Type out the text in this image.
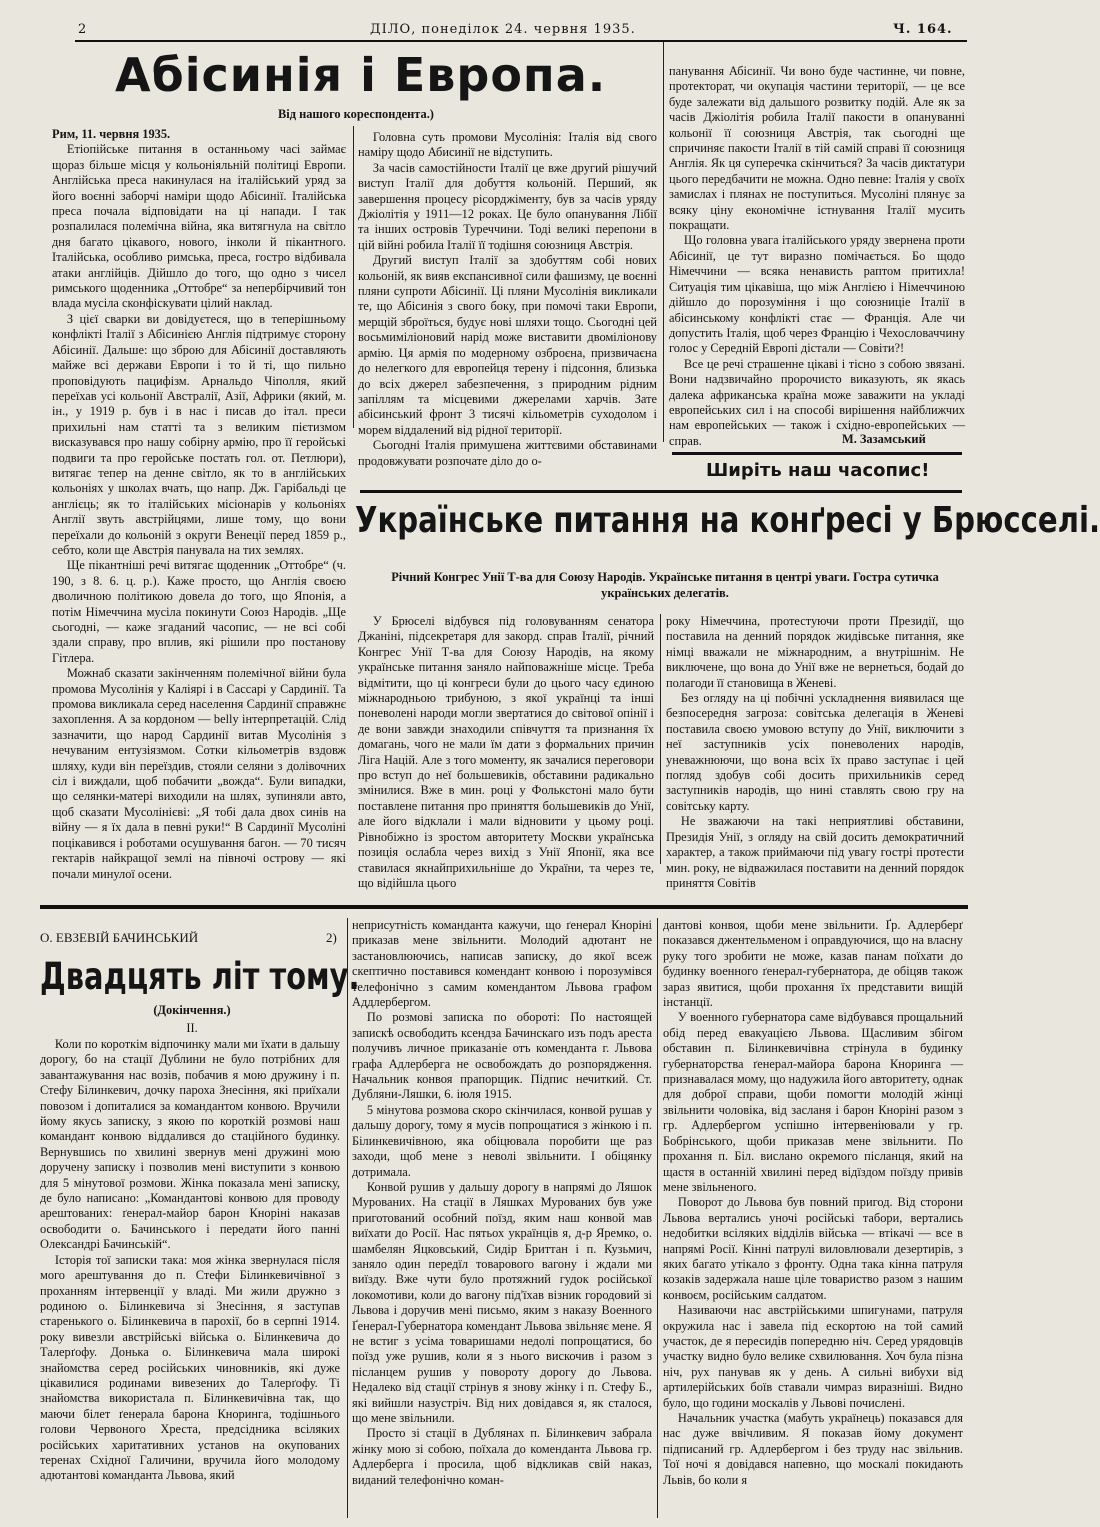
2	ДІЛО, понеділок 24. червня 1935.	Ч. 164.
Абісинія і Европа.
Від нашого кореспондента.)

Рим, 11. червня 1935.

Етіопійське питання в останньому часі займає щораз більше місця у кольоніяльній політиці Европи. Англійська преса накинулася на італійський уряд за його воєнні заборчі наміри щодо Абісинії. Італійська преса почала відповідати на ці напади. І так розпалилася полемічна війна, яка витягнула на світло дня багато цікавого, нового, інколи й пікантного. Італійська, особливо римська, преса, гостро відбивала атаки англійців. Дійшло до того, що одно з чисел римського щоденника „Оттобре“ за непербірчивий тон влада мусіла сконфіскувати цілий наклад.

З цієї сварки ви довідуєтеся, що в теперішньому конфлікті Італії з Абісинією Англія підтримує сторону Абісинії. Дальше: що зброю для Абісинії доставляють майже всі держави Европи і то й ті, що пильно проповідують пацифізм. Арнальдо Чіполля, який переїхав усі кольонії Австралії, Азії, Африки (який, м. ін., у 1919 р. був і в нас і писав до італ. преси прихильні нам статті та з великим пієтизмом висказувався про нашу собірну армію, про її геройські подвиги та про геройське постать гол. от. Петлюри), витягає тепер на денне світло, як то в англійських кольоніях у школах вчать, що напр. Дж. Гарібальді це англієць; як то італійських місіонарів у кольоніях Англії звуть австрійцями, лише тому, що вони переїхали до кольоній з округи Венеції перед 1859 р., себто, коли ще Австрія панувала на тих землях.

Ще пікантніші речі витягає щоденник „Оттобре“ (ч. 190, з 8. 6. ц. р.). Каже просто, що Англія своєю дволичною політикою довела до того, що Японія, а потім Німеччина мусіла покинути Союз Народів. „Ще сьогодні, — каже згаданий часопис, — не всі собі здали справу, про вплив, які рішили про постанову Гітлера.

Можнаб сказати закінченням полемічної війни була промова Мусолінія у Каліярі і в Сассарі у Сардинії. Та промова викликала серед населення Сардинії справжнє захоплення. А за кордоном — belly інтерпретацій. Слід зазначити, що народ Сардинії витав Мусолінія з нечуваним ентузіязмом. Сотки кільометрів вздовж шляху, куди він переїздив, стояли селяни з долівочних сіл і виждали, щоб побачити „вожда“. Були випадки, що селянки-матері виходили на шлях, зупиняли авто, щоб сказати Мусолінієві: „Я тобі дала двох синів на війну — я їх дала в певні руки!“ В Сардинії Мусоліні поцікавився і роботами осушування багон. — 70 тисяч гектарів найкращої землі на півночі острову — які почали минулої осени.

Головна суть промови Мусолінія: Італія від свого наміру щодо Абисинії не відступить.

За часів самостійности Італії це вже другий рішучий виступ Італії для добуття кольоній. Перший, як завершення процесу рісорджіменту, був за часів уряду Джіолітія у 1911—12 роках. Це було опанування Лібії та інших островів Туреччини. Тоді великі перепони в цій війні робила Італії її тодішня союзниця Австрія.

Другий виступ Італії за здобуттям собі нових кольоній, як вияв експансивної сили фашизму, це воєнні пляни супроти Абісинії. Ці пляни Мусолінія викликали те, що Абісинія з свого боку, при помочі таки Европи, мерщій зброїться, будує нові шляхи тощо. Сьогодні цей восьмиміліоновий нарід може виставити двоміліонову армію. Ця армія по модерному озброєна, призвичаєна до нелегкого для европейця терену і підсоння, близька до всіх джерел забезпечення, з природним рідним запіллям та місцевими джерелами харчів. Зате абісинський фронт 3 тисячі кільометрів суходолом і морем віддалений від рідної території.

Сьогодні Італія примушена життєвими обставинами продовжувати розпочате діло до о-

панування Абісинії. Чи воно буде частинне, чи повне, протекторат, чи окупація частини території, — це все буде залежати від дальшого розвитку подій. Але як за часів Джіолітія робила Італії пакости в опануванні кольонії її союзниця Австрія, так сьогодні ще спричиняє пакости Італії в тій самій справі її союзниця Англія. Як ця суперечка скінчиться? За часів диктатури цього передбачити не можна. Одно певне: Італія у своїх замислах і плянах не поступиться. Мусоліні плянує за всяку ціну економічне істнування Італії мусить покращати.

Що головна увага італійського уряду звернена проти Абісинії, це тут виразно помічається. Бо щодо Німеччини — всяка ненависть раптом притихла! Ситуація тим цікавіша, що між Англією і Німеччиною дійшло до порозуміння і що союзниціе Італії в абісинському конфлікті стає — Франція. Але чи допустить Італія, щоб через Францію і Чехословаччину голос у Середній Европі дістали — Совіти?!

Все це речі страшенне цікаві і тісно з собою звязані. Вони надзвичайно пророчисто виказують, як якась далека африканська країна може заважити на укладі европейських сил і на способі вирішення найближчих нам европейських — також і східно-европейських — справ.	М. Зазамський
Ширіть наш часопис!
Українське питання на конґресі у Брюсселі.
Річний Конгрес Унії Т-ва для Союзу Народів. Українське питання в центрі уваги. Гостра сутичка українських делегатів.

У Брюселі відбувся під головуванням сенатора Джаніні, підсекретаря для закорд. справ Італії, річний Конгрес Унії Т-ва для Союзу Народів, на якому українське питання заняло найповажніше місце. Треба відмітити, що ці конгреси були до цього часу єдиною міжнародньою трибуною, з якої українці та інші поневолені народи могли звертатися до світової опінії і де вони завжди знаходили співчуття та признання їх домагань, чого не мали їм дати з формальних причин Ліга Націй. Але з того моменту, як зачалися переговори про вступ до неї большевиків, обставини радикально змінилися. Вже в мин. році у Фолькстоні мало бути поставлене питання про приняття большевиків до Унії, але його відклали і мали відновити у цьому році. Рівнобіжно із зростом авторитету Москви українська позиція ослабла через вихід з Унії Японії, яка все ставилася якнайприхильніше до України, та через те, що відійшла цього

року Німеччина, протестуючи проти Президії, що поставила на денний порядок жидівське питання, яке німці вважали не міжнародним, а внутрішнім. Не виключене, що вона до Унії вже не вернеться, бодай до полагоди її становища в Женеві.

Без огляду на ці побічні ускладнення виявилася ще безпосередня загроза: совітська делегація в Женеві поставила своєю умовою вступу до Унії, виключити з неї заступників усіх поневолених народів, уневажнюючи, що вона всіх їх право заступає і цей погляд здобув собі досить прихильників серед заступників народів, що нині ставлять свою гру на совітську карту.

Не зважаючи на такі неприятливі обставини, Президія Унії, з огляду на свій досить демократичний характер, а також приймаючи під увагу гострі протести мин. року, не відважилася поставити на денний порядок приняття Совітів

О. ЕВЗЕВІЙ БАЧИНСЬКИЙ	2)
Двадцять літ тому.
(Докінчення.)
II.

Коли по короткім відпочинку мали ми їхати в дальшу дорогу, бо на стації Дублини не було потрібних для завантажування нас возів, побачив я мою дружину і п. Стефу Білинкевич, дочку пароха Знесіння, які приїхали повозом і допиталися за командантом конвою. Вручили йому якусь записку, з якою по короткій розмові наш командант конвою віддалився до стаційного будинку. Вернувшись по хвилині звернув мені дружині мою доручену записку і позволив мені виступити з конвою для 5 мінутової розмови. Жінка показала мені записку, де було написано: „Командантові конвою для проводу арештованих: ґенерал-майор барон Кноріні наказав освободити о. Бачинського і передати його панні Олександрі Бачинській“.

Історія тої записки така: моя жінка звернулася після мого арештування до п. Стефи Білинкевичівної з проханням інтервенції у владі. Ми жили дружно з родиною о. Білинкевича зі Знесіння, я заступав старенького о. Білинкевича в парохії, бо в серпні 1914. року вивезли австрійські війська о. Білинкевича до Талерґофу. Донька о. Білинкевича мала широкі знайомства серед російських чиновників, які дуже цікавилися родинами вивезених до Талерґофу. Ті знайомства використала п. Білинкевичівна так, що маючи білет ґенерала барона Кноринга, тодішнього голови Червоного Хреста, предсідника всіляких російських харитативних установ на окупованих теренах Східної Галичини, вручила його молодому адютантові команданта Львова, який

неприсутність команданта кажучи, що ґенерал Кноріні приказав мене звільнити. Молодий адютант не застановлюючись, написав записку, до якої всеж скептично поставився комендант конвою і порозумівся телефонічно з самим комендантом Львова графом Аддлербергом.

По розмові записка по обороті: По настоящей запискѣ освободить ксендза Бачинскаго изъ подъ ареста получивъ личное приказаніе отъ коменданта г. Львова графа Адлерберга не освобождать до розпорядження. Начальник конвоя прапорщик. Підпис нечиткий. Ст. Дубляни-Ляшки, 6. іюля 1915.

5 мінутова розмова скоро скінчилася, конвой рушав у дальшу дорогу, тому я мусів попрощатися з жінкою і п. Білинкевичівною, яка обіцювала поробити ще раз заходи, щоб мене з неволі звільнити. І обіцянку дотримала.

Конвой рушив у дальшу дорогу в напрямі до Ляшок Мурованих. На стації в Ляшках Мурованих був уже приготований особний поїзд, яким наш конвой мав виїхати до Росії. Нас пятьох українців я, д-р Яремко, о. шамбелян Яцковський, Сидір Бриттан і п. Кузьмич, заняло один передїл товарового вагону і ждали ми виїзду. Вже чути було протяжний гудок російської локомотиви, коли до вагону під'їхав візник городовий зі Львова і доручив мені письмо, яким з наказу Военного Ґенерал-Губернатора комендант Львова звільняє мене. Я не встиг з усіма товаришами недолі попрощатися, бо поїзд уже рушив, коли я з нього вискочив і разом з післанцем рушив у повороту дорогу до Львова. Недалеко від стації стрінув я знову жінку і п. Стефу Б., які вийшли назустріч. Від них довідався я, як сталося, що мене звільнили.

Просто зі стації в Дублянах п. Білинкевич забрала жінку мою зі собою, поїхала до коменданта Львова гр. Адлерберга і просила, щоб відкликав свій наказ, виданий телефонічно коман-

дантові конвоя, щоби мене звільнити. Ґр. Адлерберґ показався джентельменом і оправдуючися, що на власну руку того зробити не може, казав панам поїхати до будинку военного ґенерал-губернатора, де обіцяв також зараз явитися, щоби прохання їх представити вищій інстанції.

У военного губернатора саме відбувався прощальний обід перед евакуацією Львова. Щасливим збігом обставин п. Білинкевичівна стрінула в будинку губернаторства ґенерал-майора барона Кноринга — признавалася мому, що надужила його авторитету, однак для доброї справи, щоби помогти молодій жінці звільнити чоловіка, від засланя і барон Кноріні разом з гр. Адлербергом успішно інтервеніювали у гр. Бобрінського, щоби приказав мене звільнити. По прохання п. Біл. вислано окремого післанця, який на щастя в останній хвилині перед відїздом поїзду привів мене звільненого.

Поворот до Львова був повний пригод. Від сторони Львова вертались уночі російські табори, вертались недобитки всіляких відділів війська — втікачі — все в напрямі Росії. Кінні патрулі виловлювали дезертирів, з яких багато утікало з фронту. Одна така кінна патруля козаків задержала наше ціле товариство разом з нашим конвоєм, російським салдатом.

Називаючи нас австрійськими шпигунами, патруля окружила нас і завела під ескортою на той самий участок, де я пересидів попередню ніч. Серед урядовців участку видно було велике схвилювання. Хоч була пізна ніч, рух панував як у день. А сильні вибухи від артилерійських боїв ставали чимраз виразніші. Видно було, що години москалів у Львові почислені.

Начальник участка (мабуть українець) показався для нас дуже ввічливим. Я показав йому документ підписаний гр. Адлербергом і без труду нас звільнив. Тої ночі я довідався напевно, що москалі покидають Львів, бо коли я
